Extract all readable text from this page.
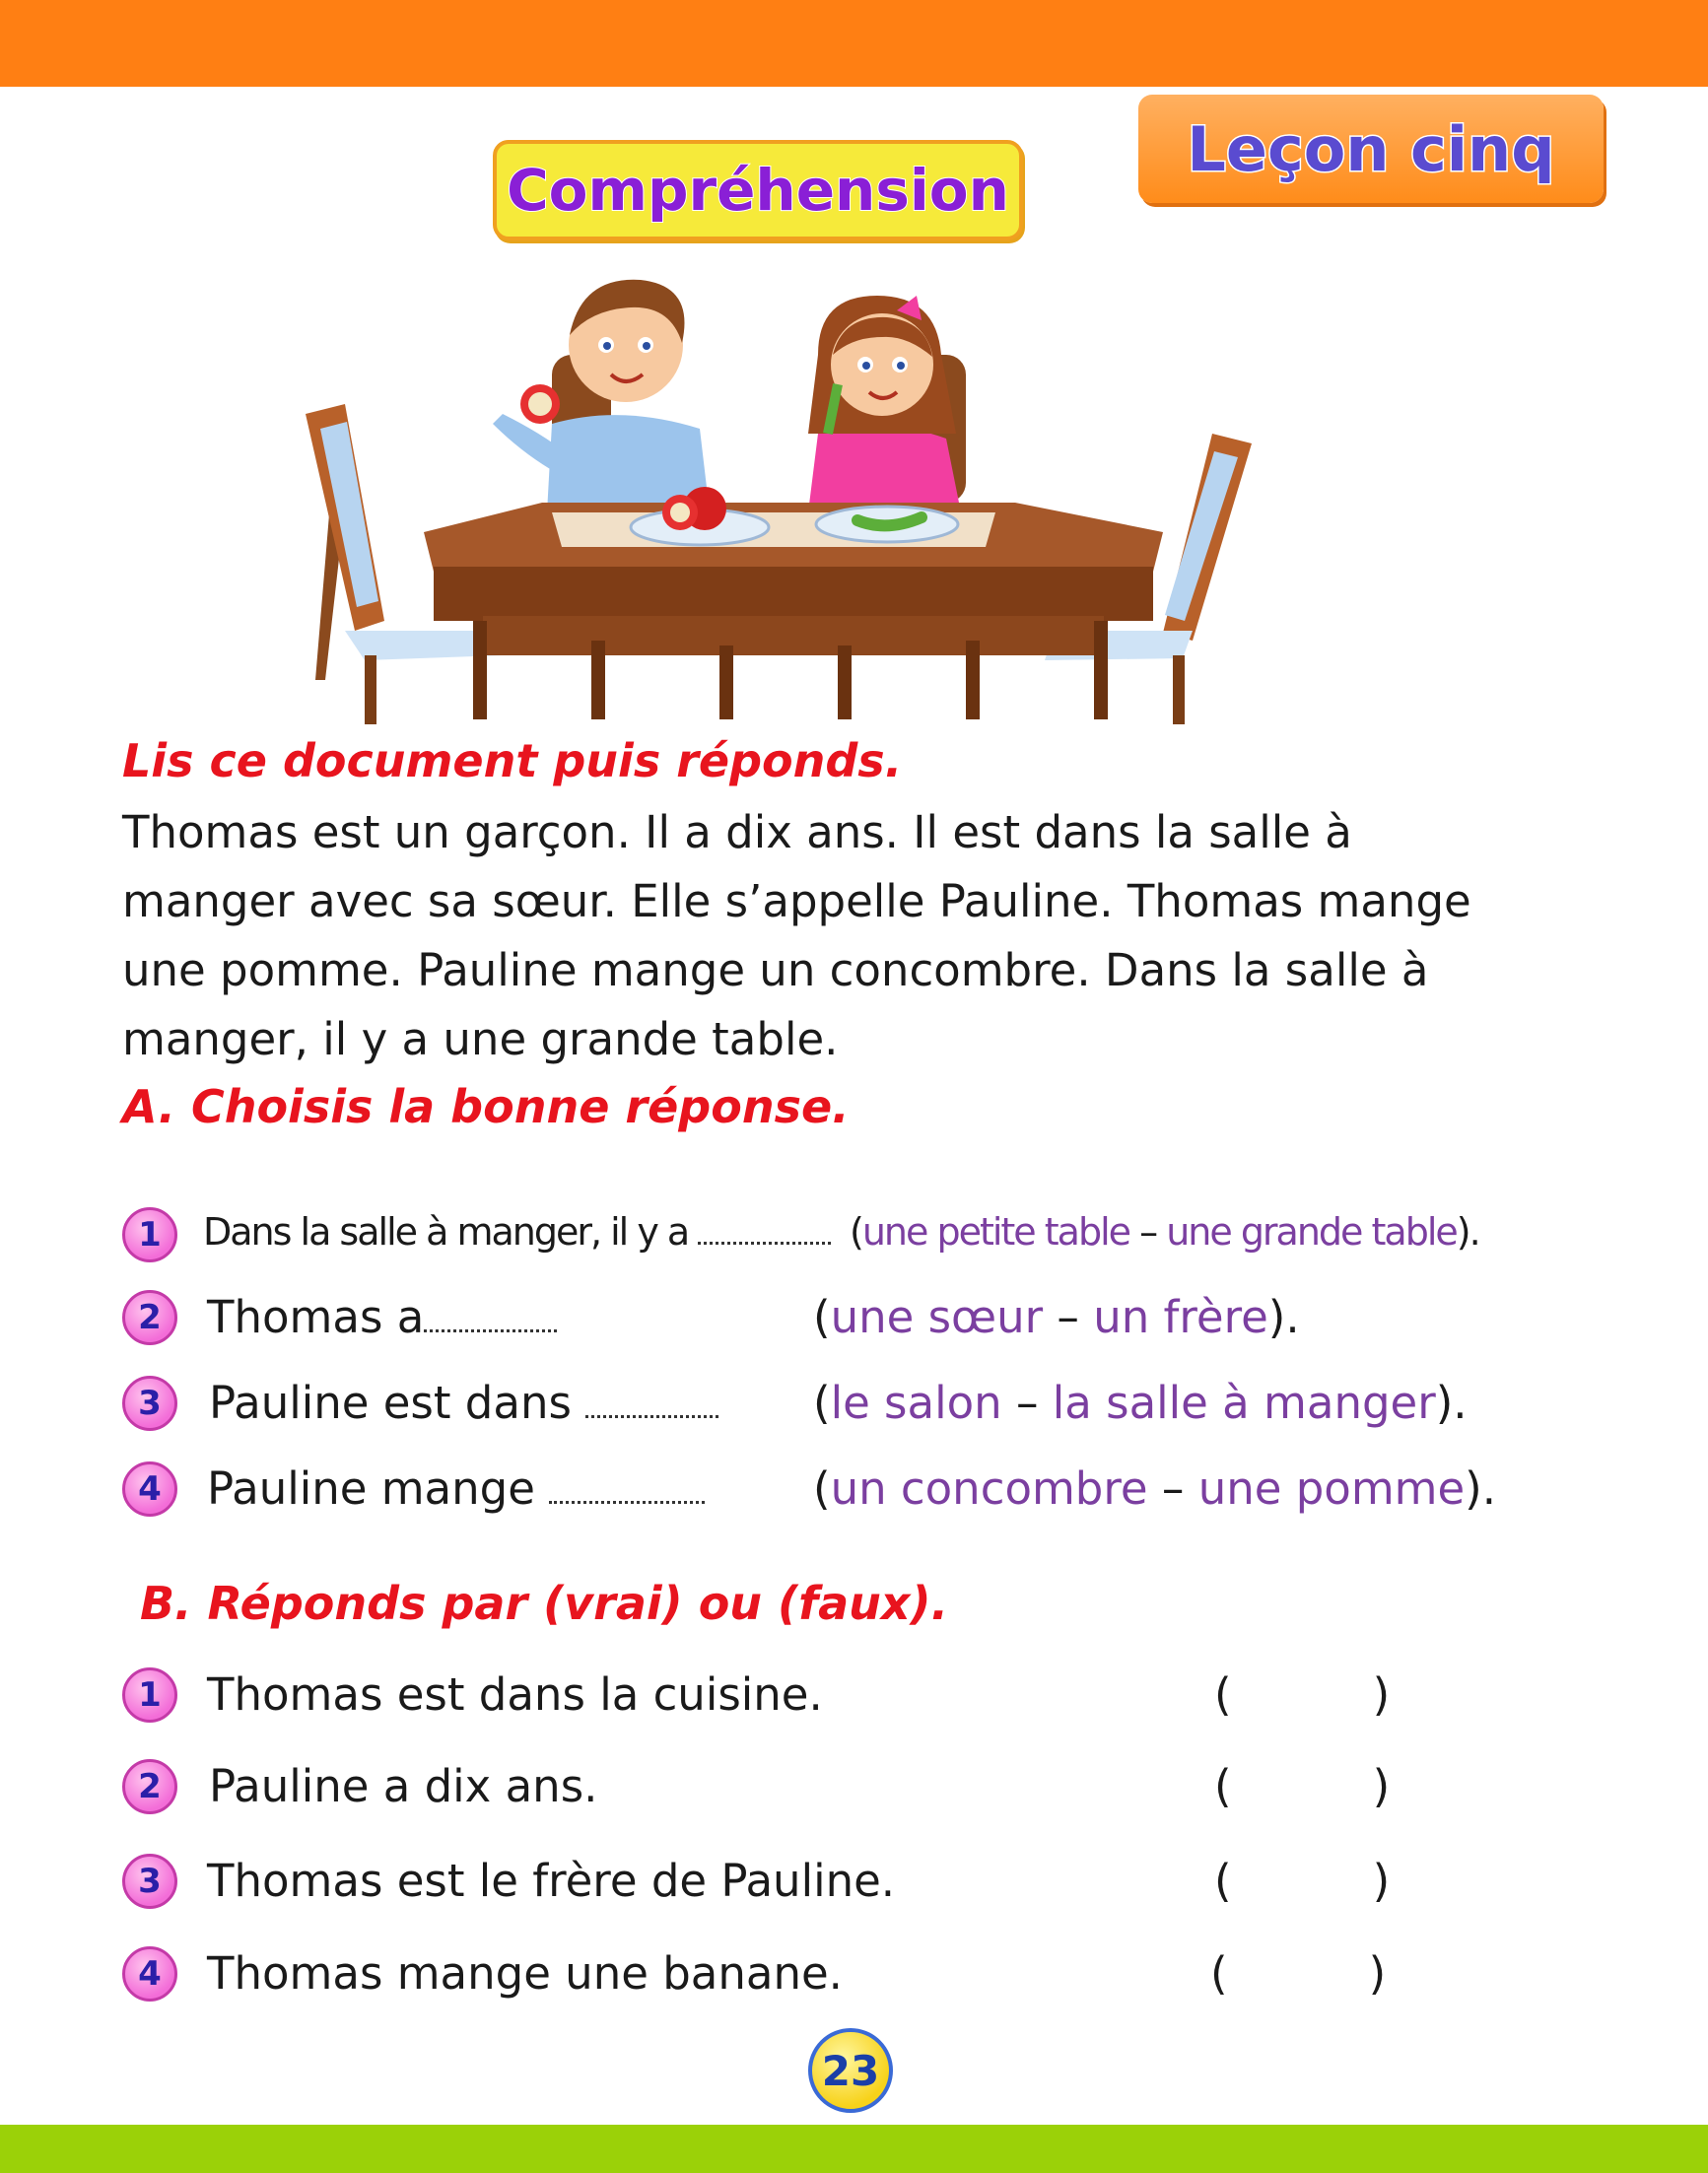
Leçon cinq
Compréhension
Lis ce document puis réponds.
Thomas est un garçon. Il a dix ans. Il est dans la salle à
manger avec sa sœur. Elle s’appelle Pauline. Thomas mange
une pomme. Pauline mange un concombre. Dans la salle à
manger, il y a une grande table.
A. Choisis la bonne réponse.
1 Dans la salle à manger, il y a	(une petite table – une grande table).
2 Thomas a	(une sœur – un frère).
3 Pauline est dans	(le salon – la salle à manger).
4 Pauline mange	(un concombre – une pomme).
B. Réponds par (vrai) ou (faux).
1 Thomas est dans la cuisine.	(          )
2 Pauline a dix ans.	(          )
3 Thomas est le frère de Pauline.	(          )
4 Thomas mange une banane.	(          )
23
